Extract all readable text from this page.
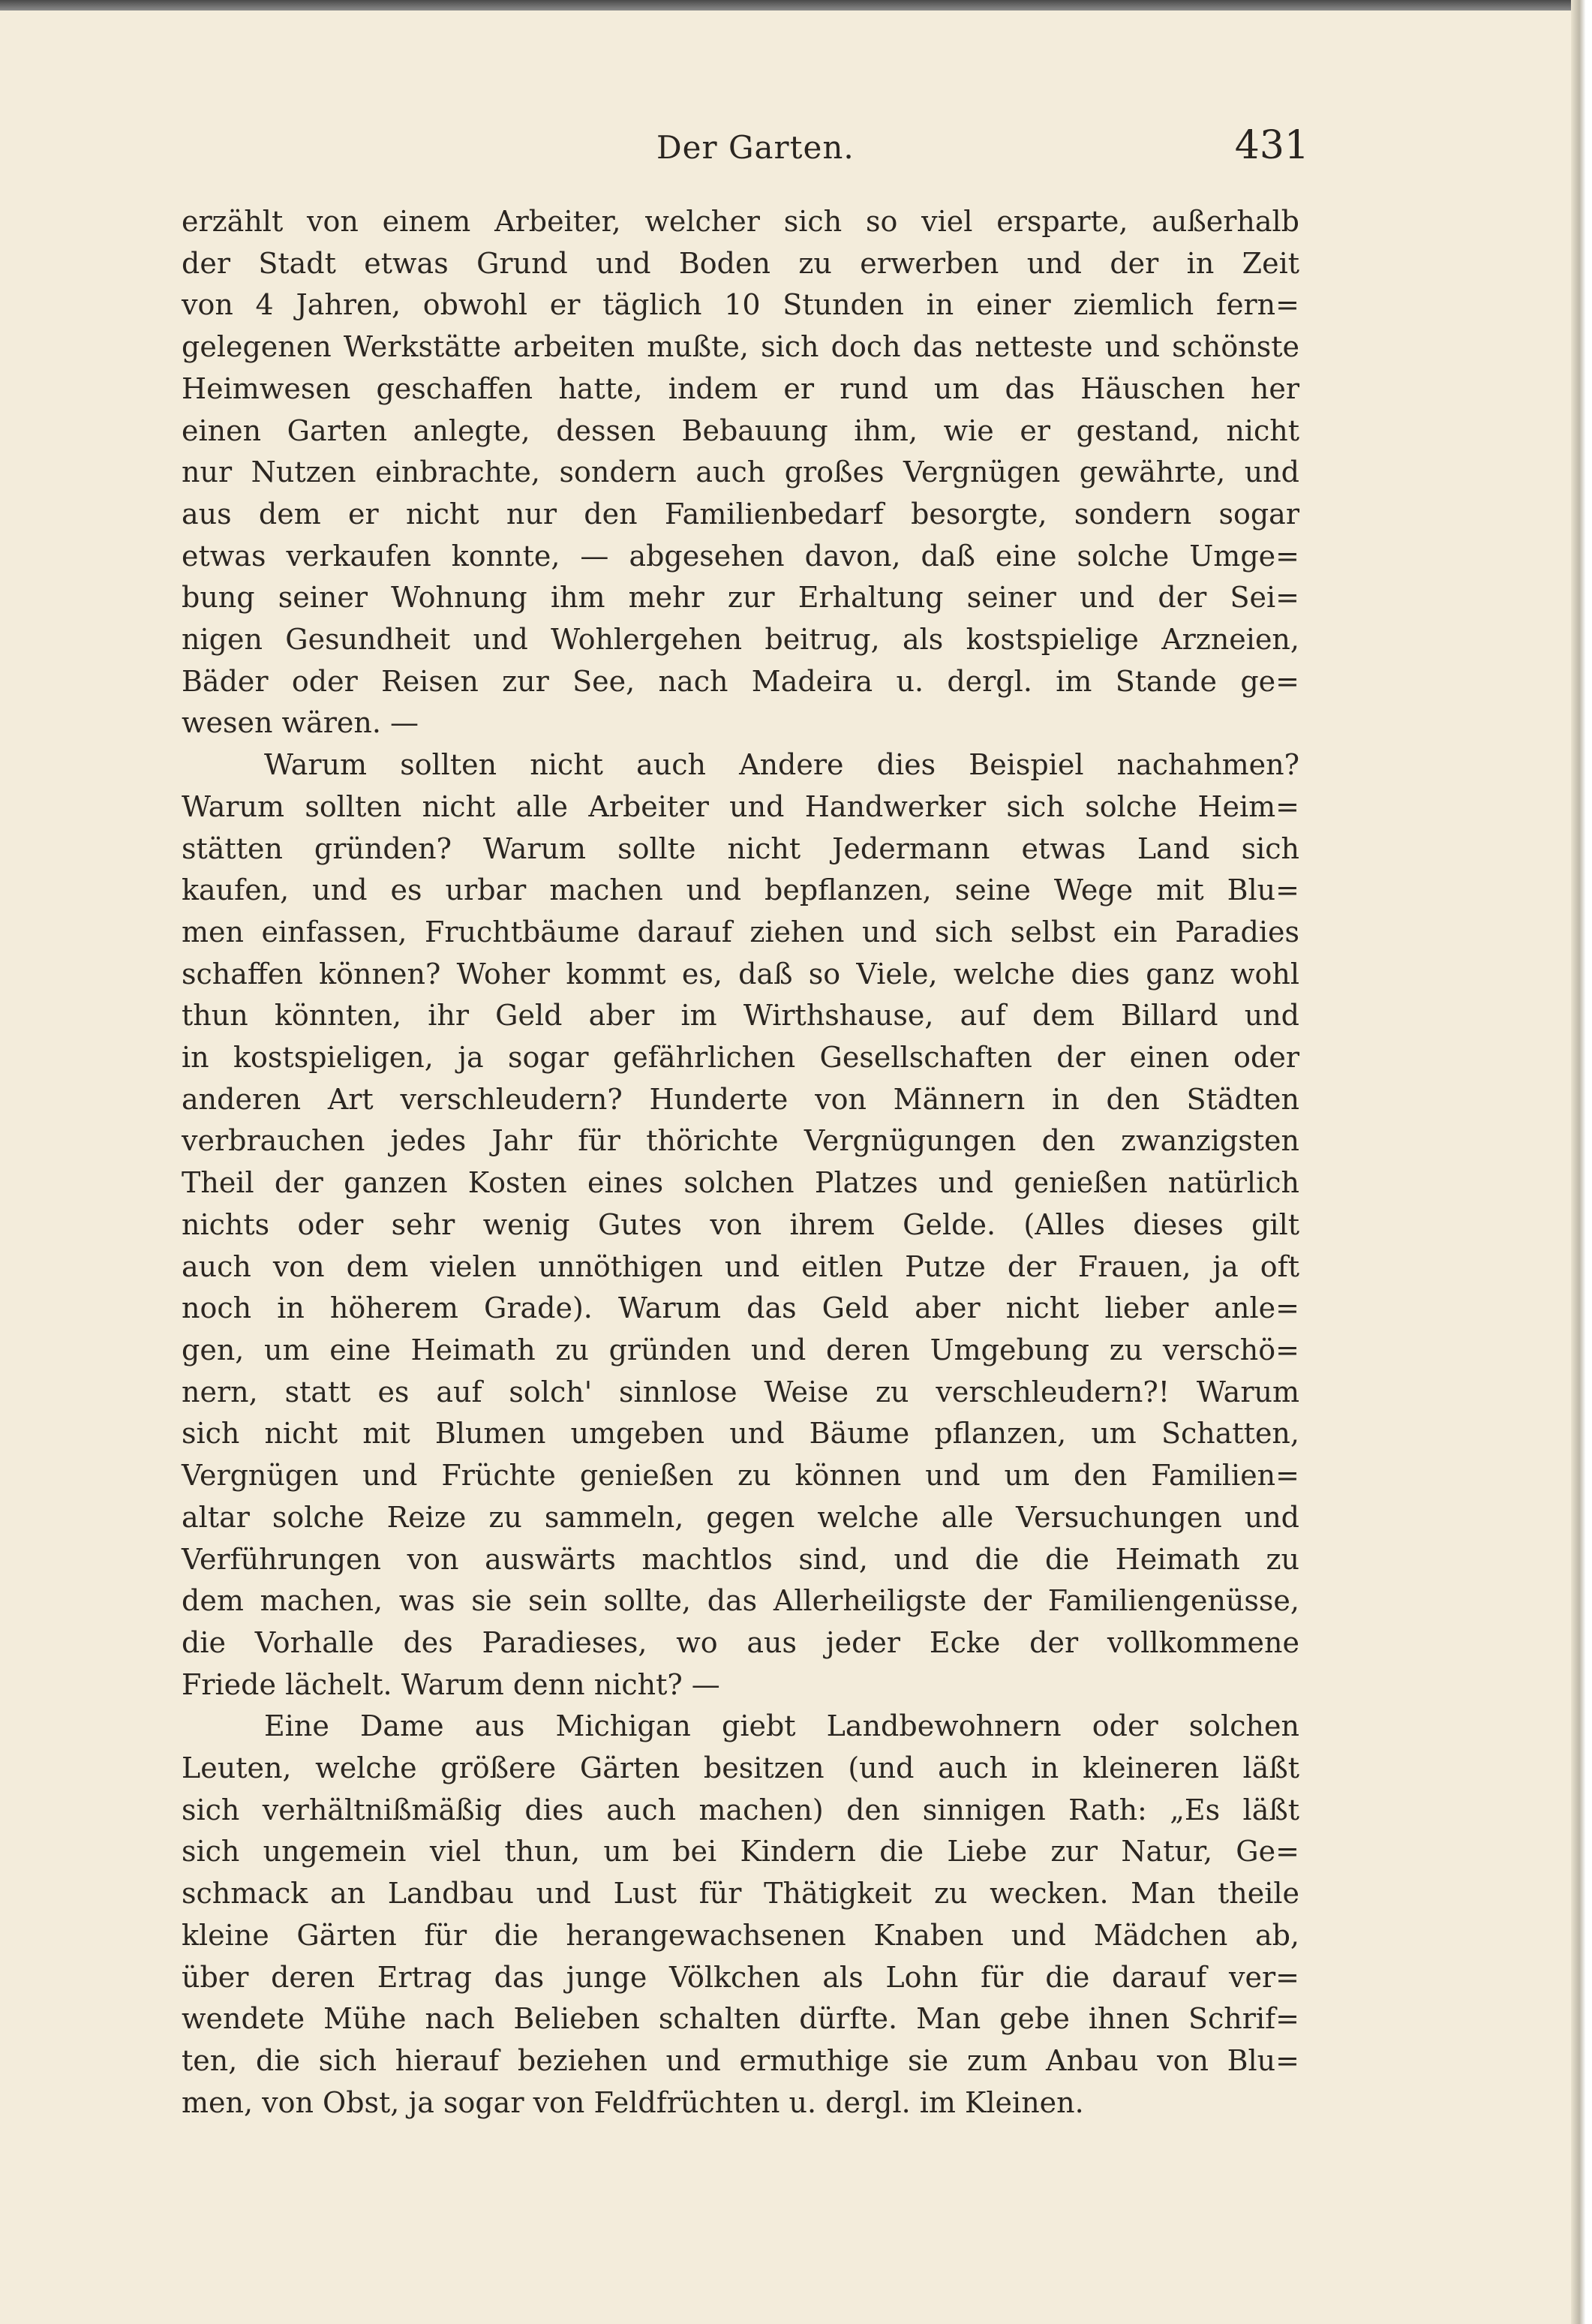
Der Garten.	431
erzählt von einem Arbeiter, welcher sich so viel ersparte, außerhalb
der Stadt etwas Grund und Boden zu erwerben und der in Zeit
von 4 Jahren, obwohl er täglich 10 Stunden in einer ziemlich fern=
gelegenen Werkstätte arbeiten mußte, sich doch das netteste und schönste
Heimwesen geschaffen hatte, indem er rund um das Häuschen her
einen Garten anlegte, dessen Bebauung ihm, wie er gestand, nicht
nur Nutzen einbrachte, sondern auch großes Vergnügen gewährte, und
aus dem er nicht nur den Familienbedarf besorgte, sondern sogar
etwas verkaufen konnte, — abgesehen davon, daß eine solche Umge=
bung seiner Wohnung ihm mehr zur Erhaltung seiner und der Sei=
nigen Gesundheit und Wohlergehen beitrug, als kostspielige Arzneien,
Bäder oder Reisen zur See, nach Madeira u. dergl. im Stande ge=
wesen wären. —
Warum sollten nicht auch Andere dies Beispiel nachahmen?
Warum sollten nicht alle Arbeiter und Handwerker sich solche Heim=
stätten gründen? Warum sollte nicht Jedermann etwas Land sich
kaufen, und es urbar machen und bepflanzen, seine Wege mit Blu=
men einfassen, Fruchtbäume darauf ziehen und sich selbst ein Paradies
schaffen können? Woher kommt es, daß so Viele, welche dies ganz wohl
thun könnten, ihr Geld aber im Wirthshause, auf dem Billard und
in kostspieligen, ja sogar gefährlichen Gesellschaften der einen oder
anderen Art verschleudern? Hunderte von Männern in den Städten
verbrauchen jedes Jahr für thörichte Vergnügungen den zwanzigsten
Theil der ganzen Kosten eines solchen Platzes und genießen natürlich
nichts oder sehr wenig Gutes von ihrem Gelde. (Alles dieses gilt
auch von dem vielen unnöthigen und eitlen Putze der Frauen, ja oft
noch in höherem Grade). Warum das Geld aber nicht lieber anle=
gen, um eine Heimath zu gründen und deren Umgebung zu verschö=
nern, statt es auf solch' sinnlose Weise zu verschleudern?! Warum
sich nicht mit Blumen umgeben und Bäume pflanzen, um Schatten,
Vergnügen und Früchte genießen zu können und um den Familien=
altar solche Reize zu sammeln, gegen welche alle Versuchungen und
Verführungen von auswärts machtlos sind, und die die Heimath zu
dem machen, was sie sein sollte, das Allerheiligste der Familiengenüsse,
die Vorhalle des Paradieses, wo aus jeder Ecke der vollkommene
Friede lächelt. Warum denn nicht? —
Eine Dame aus Michigan giebt Landbewohnern oder solchen
Leuten, welche größere Gärten besitzen (und auch in kleineren läßt
sich verhältnißmäßig dies auch machen) den sinnigen Rath: „Es läßt
sich ungemein viel thun, um bei Kindern die Liebe zur Natur, Ge=
schmack an Landbau und Lust für Thätigkeit zu wecken. Man theile
kleine Gärten für die herangewachsenen Knaben und Mädchen ab,
über deren Ertrag das junge Völkchen als Lohn für die darauf ver=
wendete Mühe nach Belieben schalten dürfte. Man gebe ihnen Schrif=
ten, die sich hierauf beziehen und ermuthige sie zum Anbau von Blu=
men, von Obst, ja sogar von Feldfrüchten u. dergl. im Kleinen.
